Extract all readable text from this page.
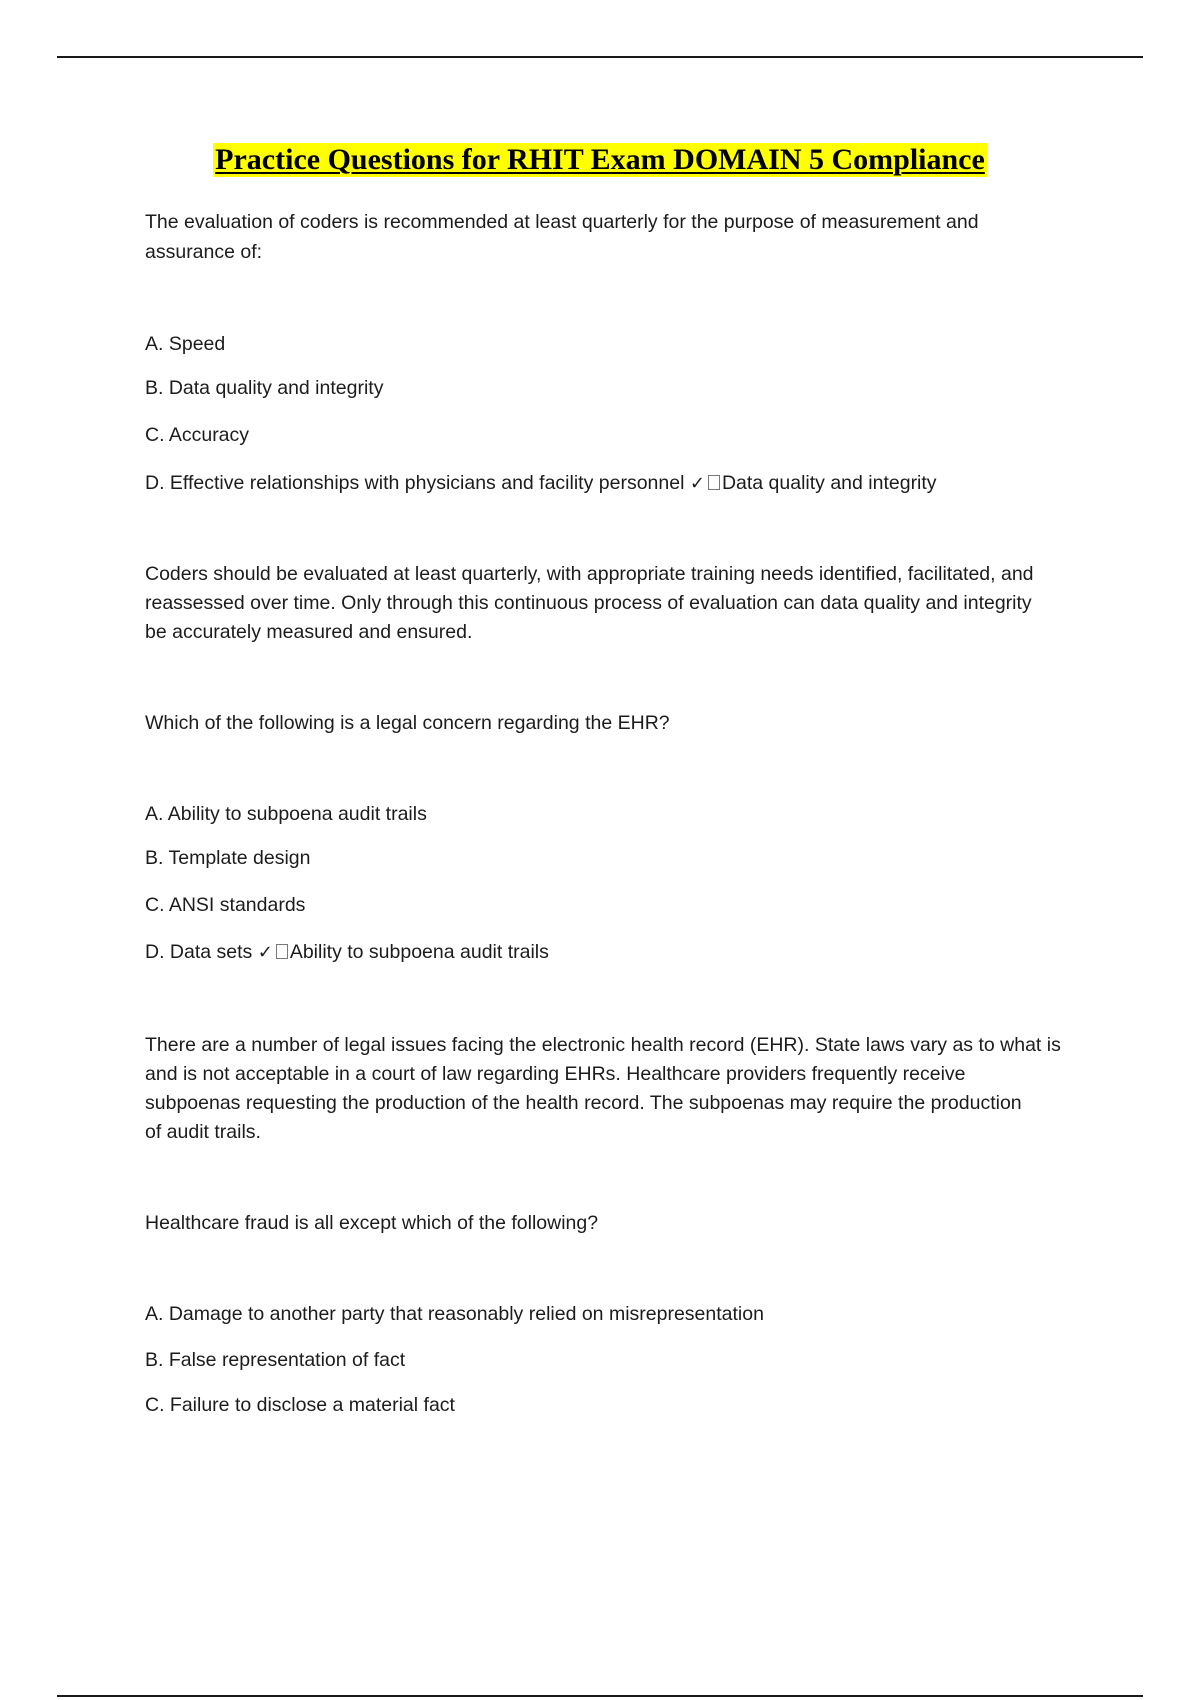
Practice Questions for RHIT Exam DOMAIN 5 Compliance
The evaluation of coders is recommended at least quarterly for the purpose of measurement and
assurance of:
A. Speed
B. Data quality and integrity
C. Accuracy
D. Effective relationships with physicians and facility personnel ✓ Data quality and integrity
Coders should be evaluated at least quarterly, with appropriate training needs identified, facilitated, and
reassessed over time. Only through this continuous process of evaluation can data quality and integrity
be accurately measured and ensured.
Which of the following is a legal concern regarding the EHR?
A. Ability to subpoena audit trails
B. Template design
C. ANSI standards
D. Data sets ✓ Ability to subpoena audit trails
There are a number of legal issues facing the electronic health record (EHR). State laws vary as to what is
and is not acceptable in a court of law regarding EHRs. Healthcare providers frequently receive
subpoenas requesting the production of the health record. The subpoenas may require the production
of audit trails.
Healthcare fraud is all except which of the following?
A. Damage to another party that reasonably relied on misrepresentation
B. False representation of fact
C. Failure to disclose a material fact
